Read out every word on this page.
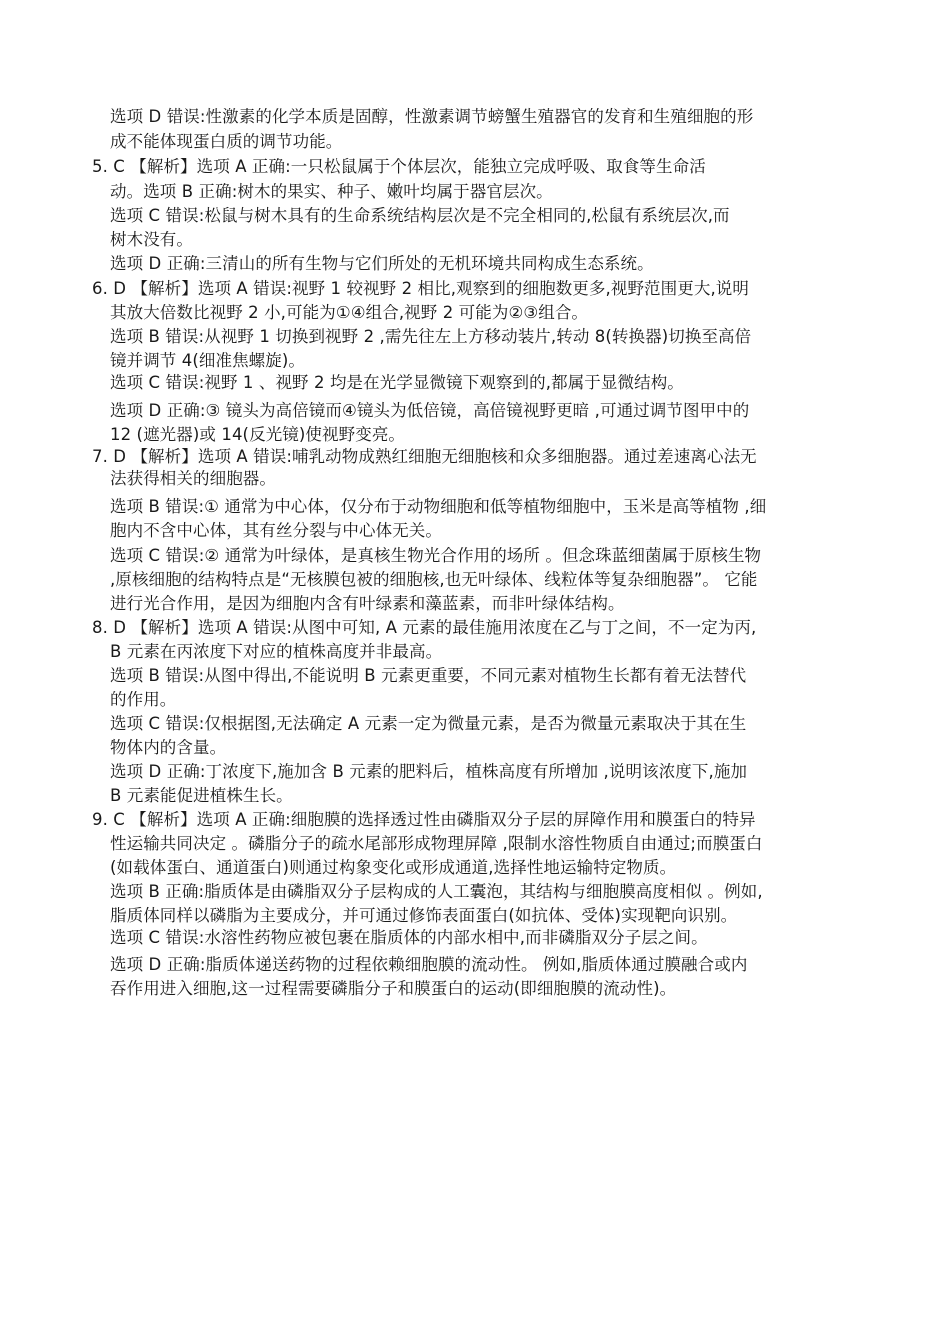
选项 D 错误:性激素的化学本质是固醇，性激素调节螃蟹生殖器官的发育和生殖细胞的形
成不能体现蛋白质的调节功能。
5. C 【解析】选项 A 正确:一只松鼠属于个体层次，能独立完成呼吸、取食等生命活
动。选项 B 正确:树木的果实、种子、嫩叶均属于器官层次。
选项 C 错误:松鼠与树木具有的生命系统结构层次是不完全相同的,松鼠有系统层次,而
树木没有。
选项 D 正确:三清山的所有生物与它们所处的无机环境共同构成生态系统。
6. D 【解析】选项 A 错误:视野 1 较视野 2 相比,观察到的细胞数更多,视野范围更大,说明
其放大倍数比视野 2 小,可能为①④组合,视野 2 可能为②③组合。
选项 B 错误:从视野 1 切换到视野 2 ,需先往左上方移动装片,转动 8(转换器)切换至高倍
镜并调节 4(细准焦螺旋)。
选项 C 错误:视野 1 、视野 2 均是在光学显微镜下观察到的,都属于显微结构。
选项 D 正确:③ 镜头为高倍镜而④镜头为低倍镜，高倍镜视野更暗 ,可通过调节图甲中的
12 (遮光器)或 14(反光镜)使视野变亮。
7. D 【解析】选项 A 错误:哺乳动物成熟红细胞无细胞核和众多细胞器。通过差速离心法无
法获得相关的细胞器。
选项 B 错误:① 通常为中心体，仅分布于动物细胞和低等植物细胞中，玉米是高等植物 ,细
胞内不含中心体，其有丝分裂与中心体无关。
选项 C 错误:② 通常为叶绿体，是真核生物光合作用的场所 。但念珠蓝细菌属于原核生物
,原核细胞的结构特点是“无核膜包被的细胞核,也无叶绿体、线粒体等复杂细胞器”。 它能
进行光合作用，是因为细胞内含有叶绿素和藻蓝素，而非叶绿体结构。
8. D 【解析】选项 A 错误:从图中可知, A 元素的最佳施用浓度在乙与丁之间，不一定为丙,
B 元素在丙浓度下对应的植株高度并非最高。
选项 B 错误:从图中得出,不能说明 B 元素更重要，不同元素对植物生长都有着无法替代
的作用。
选项 C 错误:仅根据图,无法确定 A 元素一定为微量元素，是否为微量元素取决于其在生
物体内的含量。
选项 D 正确:丁浓度下,施加含 B 元素的肥料后，植株高度有所增加 ,说明该浓度下,施加
B 元素能促进植株生长。
9. C 【解析】选项 A 正确:细胞膜的选择透过性由磷脂双分子层的屏障作用和膜蛋白的特异
性运输共同决定 。磷脂分子的疏水尾部形成物理屏障 ,限制水溶性物质自由通过;而膜蛋白
(如载体蛋白、通道蛋白)则通过构象变化或形成通道,选择性地运输特定物质。
选项 B 正确:脂质体是由磷脂双分子层构成的人工囊泡，其结构与细胞膜高度相似 。例如,
脂质体同样以磷脂为主要成分，并可通过修饰表面蛋白(如抗体、受体)实现靶向识别。
选项 C 错误:水溶性药物应被包裹在脂质体的内部水相中,而非磷脂双分子层之间。
选项 D 正确:脂质体递送药物的过程依赖细胞膜的流动性。 例如,脂质体通过膜融合或内
吞作用进入细胞,这一过程需要磷脂分子和膜蛋白的运动(即细胞膜的流动性)。
